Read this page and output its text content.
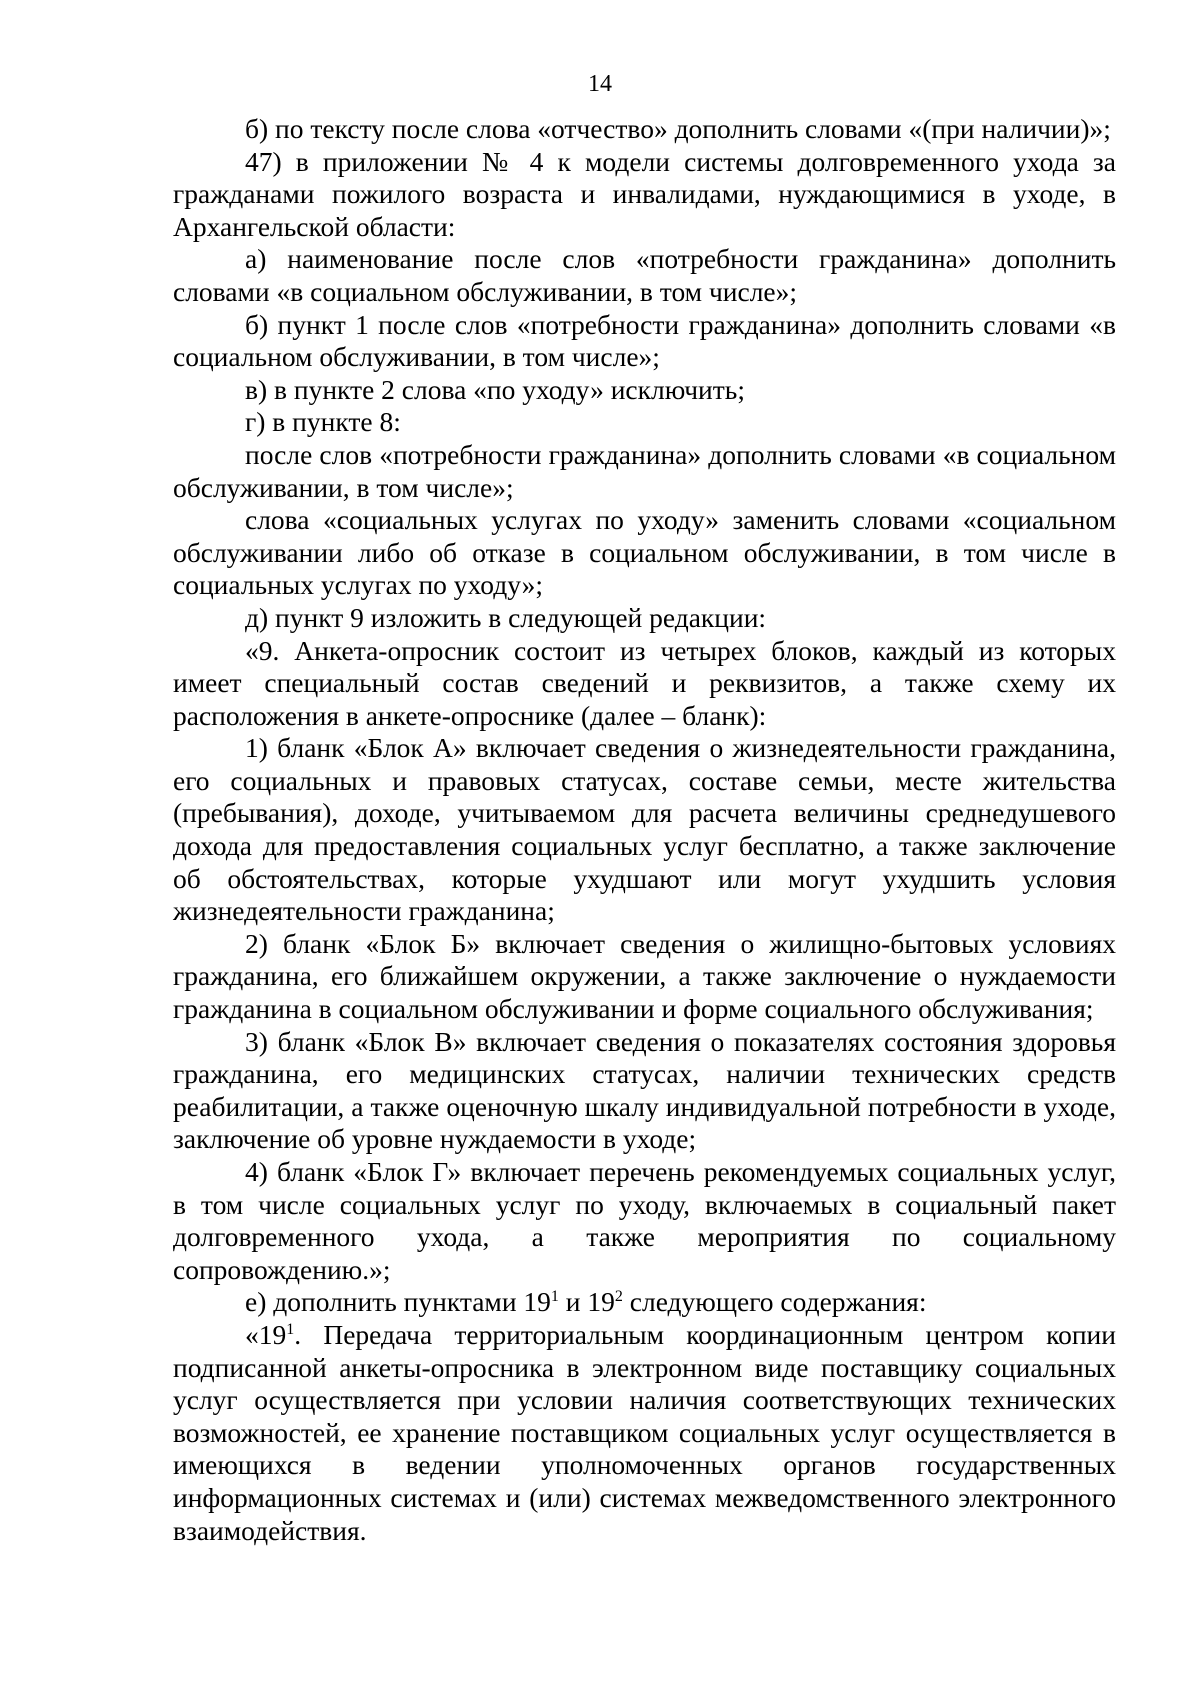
14

б) по тексту после слова «отчество» дополнить словами «(при наличии)»;

47) в приложении № 4 к модели системы долговременного ухода за гражданами пожилого возраста и инвалидами, нуждающимися в уходе, в Архангельской области:

а) наименование после слов «потребности гражданина» дополнить словами «в социальном обслуживании, в том числе»;

б) пункт 1 после слов «потребности гражданина» дополнить словами «в социальном обслуживании, в том числе»;

в) в пункте 2 слова «по уходу» исключить;

г) в пункте 8:

после слов «потребности гражданина» дополнить словами «в социальном обслуживании, в том числе»;

слова «социальных услугах по уходу» заменить словами «социальном обслуживании либо об отказе в социальном обслуживании, в том числе в социальных услугах по уходу»;

д) пункт 9 изложить в следующей редакции:

«9. Анкета-опросник состоит из четырех блоков, каждый из которых имеет специальный состав сведений и реквизитов, а также схему их расположения в анкете-опроснике (далее – бланк):

1) бланк «Блок А» включает сведения о жизнедеятельности гражданина, его социальных и правовых статусах, составе семьи, месте жительства (пребывания), доходе, учитываемом для расчета величины среднедушевого дохода для предоставления социальных услуг бесплатно, а также заключение об обстоятельствах, которые ухудшают или могут ухудшить условия жизнедеятельности гражданина;

2) бланк «Блок Б» включает сведения о жилищно-бытовых условиях гражданина, его ближайшем окружении, а также заключение о нуждаемости гражданина в социальном обслуживании и форме социального обслуживания;

3) бланк «Блок В» включает сведения о показателях состояния здоровья гражданина, его медицинских статусах, наличии технических средств реабилитации, а также оценочную шкалу индивидуальной потребности в уходе, заключение об уровне нуждаемости в уходе;

4) бланк «Блок Г» включает перечень рекомендуемых социальных услуг, в том числе социальных услуг по уходу, включаемых в социальный пакет долговременного ухода, а также мероприятия по социальному сопровождению.»;

е) дополнить пунктами $19^1$ и $19^2$ следующего содержания:

«$19^1$. Передача территориальным координационным центром копии подписанной анкеты-опросника в электронном виде поставщику социальных услуг осуществляется при условии наличия соответствующих технических возможностей, ее хранение поставщиком социальных услуг осуществляется в имеющихся в ведении уполномоченных органов государственных информационных системах и (или) системах межведомственного электронного взаимодействия.
